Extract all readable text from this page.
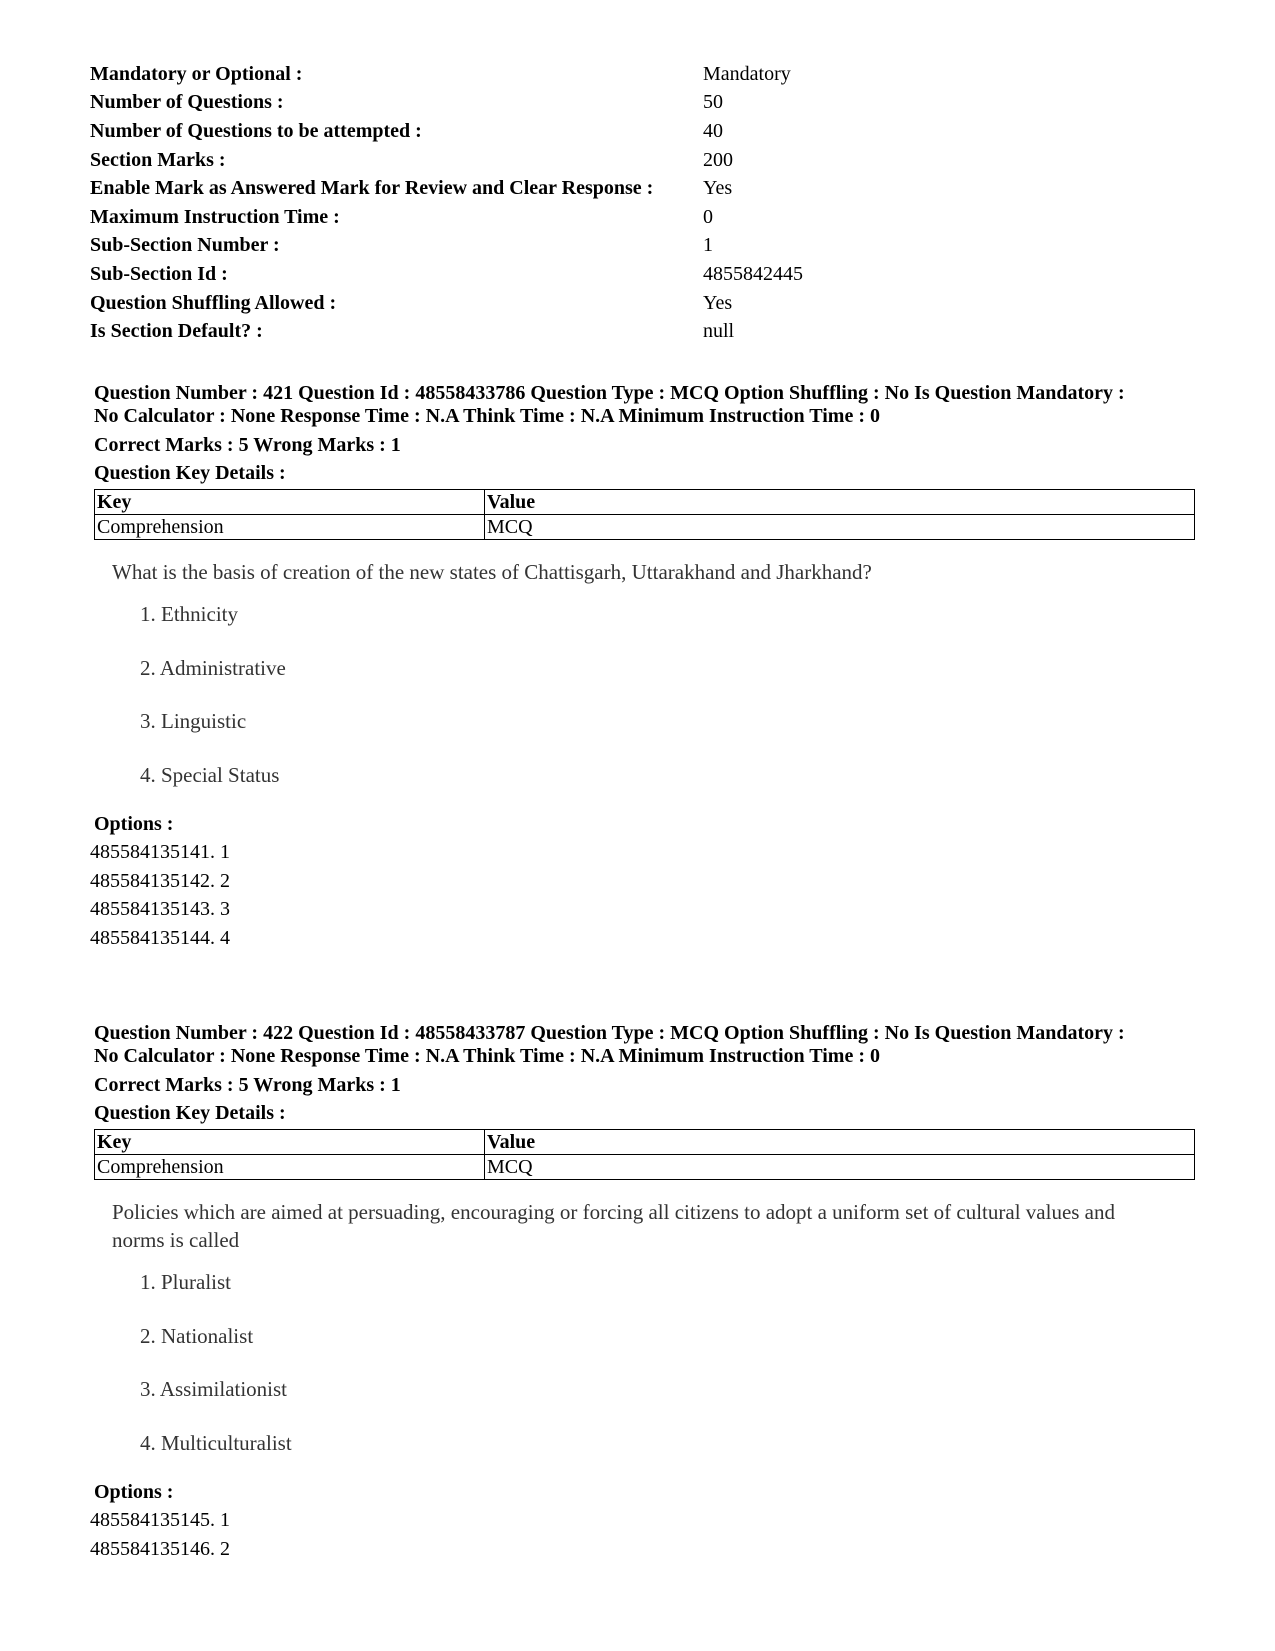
Mandatory or Optional :	Mandatory
Number of Questions :	50
Number of Questions to be attempted :	40
Section Marks :	200
Enable Mark as Answered Mark for Review and Clear Response :	Yes
Maximum Instruction Time :	0
Sub-Section Number :	1
Sub-Section Id :	4855842445
Question Shuffling Allowed :	Yes
Is Section Default? :	null
Question Number : 421 Question Id : 48558433786 Question Type : MCQ Option Shuffling : No Is Question Mandatory :
No Calculator : None Response Time : N.A Think Time : N.A Minimum Instruction Time : 0
Correct Marks : 5 Wrong Marks : 1
Question Key Details :
Key	Value
Comprehension	MCQ
What is the basis of creation of the new states of Chattisgarh, Uttarakhand and Jharkhand?
1. Ethnicity
2. Administrative
3. Linguistic
4. Special Status
Options :
485584135141. 1
485584135142. 2
485584135143. 3
485584135144. 4
Question Number : 422 Question Id : 48558433787 Question Type : MCQ Option Shuffling : No Is Question Mandatory :
No Calculator : None Response Time : N.A Think Time : N.A Minimum Instruction Time : 0
Correct Marks : 5 Wrong Marks : 1
Question Key Details :
Key	Value
Comprehension	MCQ
Policies which are aimed at persuading, encouraging or forcing all citizens to adopt a uniform set of cultural values and norms is called
1. Pluralist
2. Nationalist
3. Assimilationist
4. Multiculturalist
Options :
485584135145. 1
485584135146. 2
